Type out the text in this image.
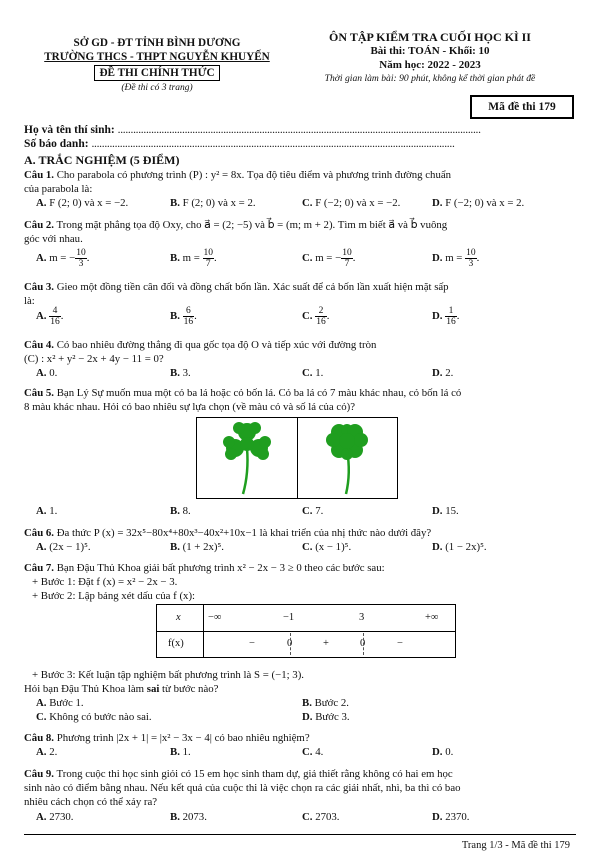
SỞ GD - ĐT TỈNH BÌNH DƯƠNG
TRƯỜNG THCS - THPT NGUYỄN KHUYẾN
ĐỀ THI CHÍNH THỨC
(Đề thi có 3 trang)
ÔN TẬP KIỂM TRA CUỐI HỌC KÌ II
Bài thi: TOÁN - Khối: 10
Năm học: 2022 - 2023
Thời gian làm bài: 90 phút, không kể thời gian phát đề
Mã đề thi 179
Họ và tên thí sinh: .............................................................................................................................................
Số báo danh: .............................................................................................................................................
A. TRẮC NGHIỆM (5 ĐIỂM)
Câu 1. Cho parabola có phương trình (P) : y² = 8x. Tọa độ tiêu điểm và phương trình đường chuẩn
của parabola là:
A. F (2; 0) và x = −2.	B. F (2; 0) và x = 2.	C. F (−2; 0) và x = −2.	D. F (−2; 0) và x = 2.
Câu 2. Trong mặt phẳng tọa độ Oxy, cho a⃗ = (2; −5) và b⃗ = (m; m + 2). Tìm m biết a⃗ và b⃗ vuông
góc với nhau.
A. m = − $\frac{10}{3}$ .	B. $m = \frac{10}{7}$ .	C. m = − $\frac{10}{7}$ .	D. $m = \frac{10}{3}$ .
Câu 3. Gieo một đồng tiền cân đối và đồng chất bốn lần. Xác suất để cả bốn lần xuất hiện mặt sấp
là:
A. $\frac{4}{16}$ .	B. $\frac{6}{16}$ .	C. $\frac{2}{16}$ .	D. $\frac{1}{16}$ .
Câu 4. Có bao nhiêu đường thẳng đi qua gốc tọa độ O và tiếp xúc với đường tròn
(C) : x² + y² − 2x + 4y − 11 = 0?
A. 0.	B. 3.	C. 1.	D. 2.
Câu 5. Bạn Lý Sự muốn mua một cỏ ba lá hoặc cỏ bốn lá. Cỏ ba lá có 7 màu khác nhau, cỏ bốn lá có
8 màu khác nhau. Hỏi có bao nhiêu sự lựa chọn (về màu cỏ và số lá của cỏ)?
A. 1.	B. 8.	C. 7.	D. 15.
Câu 6. Đa thức P (x) = 32x⁵−80x⁴+80x³−40x²+10x−1 là khai triển của nhị thức nào dưới đây?
A. (2x − 1)⁵.	B. (1 + 2x)⁵.	C. (x − 1)⁵.	D. (1 − 2x)⁵.
Câu 7. Bạn Đậu Thủ Khoa giải bất phương trình x² − 2x − 3 ≥ 0 theo các bước sau:
+ Bước 1: Đặt f (x) = x² − 2x − 3.
+ Bước 2: Lập bảng xét dấu của f (x):
x	−∞	−1	3	+∞
f(x)	−	0	+	0	−
+ Bước 3: Kết luận tập nghiệm bất phương trình là S = (−1; 3).
Hỏi bạn Đậu Thủ Khoa làm sai từ bước nào?
A. Bước 1.	B. Bước 2.
C. Không có bước nào sai.	D. Bước 3.
Câu 8. Phương trình |2x + 1| = |x² − 3x − 4| có bao nhiêu nghiệm?
A. 2.	B. 1.	C. 4.	D. 0.
Câu 9. Trong cuộc thi học sinh giỏi có 15 em học sinh tham dự, giả thiết rằng không có hai em học
sinh nào có điểm bằng nhau. Nếu kết quả của cuộc thi là việc chọn ra các giải nhất, nhì, ba thì có bao
nhiêu cách chọn có thể xảy ra?
A. 2730.	B. 2073.	C. 2703.	D. 2370.
Trang 1/3 - Mã đề thi 179
